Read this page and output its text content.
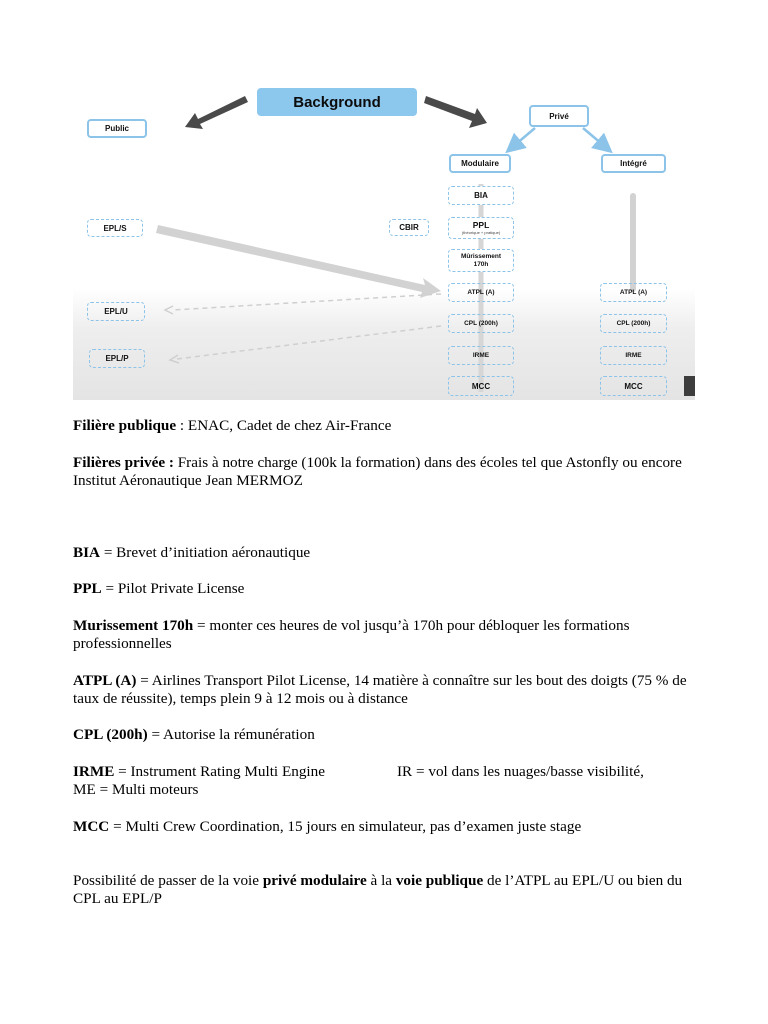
Background
Public
Privé
Modulaire	Intégré
EPL/S
EPL/U
EPL/P
CBIR
BIA
PPL
(théorique + pratique)
Mûrissement
170h
ATPL (A)
CPL (200h)
IRME
MCC
ATPL (A)
CPL (200h)
IRME
MCC

Filière publique : ENAC, Cadet de chez Air-France

Filières privée : Frais à notre charge (100k la formation) dans des écoles tel que Astonfly ou encore Institut Aéronautique Jean MERMOZ

BIA = Brevet d’initiation aéronautique

PPL = Pilot Private License

Murissement 170h = monter ces heures de vol jusqu’à 170h pour débloquer les formations professionnelles

ATPL (A) = Airlines Transport Pilot License, 14 matière à connaître sur les bout des doigts (75 % de taux de réussite), temps plein 9 à 12 mois ou à distance

CPL (200h) = Autorise la rémunération

IRME = Instrument Rating Multi Engine	IR = vol dans les nuages/basse visibilité,

ME = Multi moteurs

MCC = Multi Crew Coordination, 15 jours en simulateur, pas d’examen juste stage

Possibilité de passer de la voie privé modulaire à la voie publique de l’ATPL au EPL/U ou bien du CPL au EPL/P
